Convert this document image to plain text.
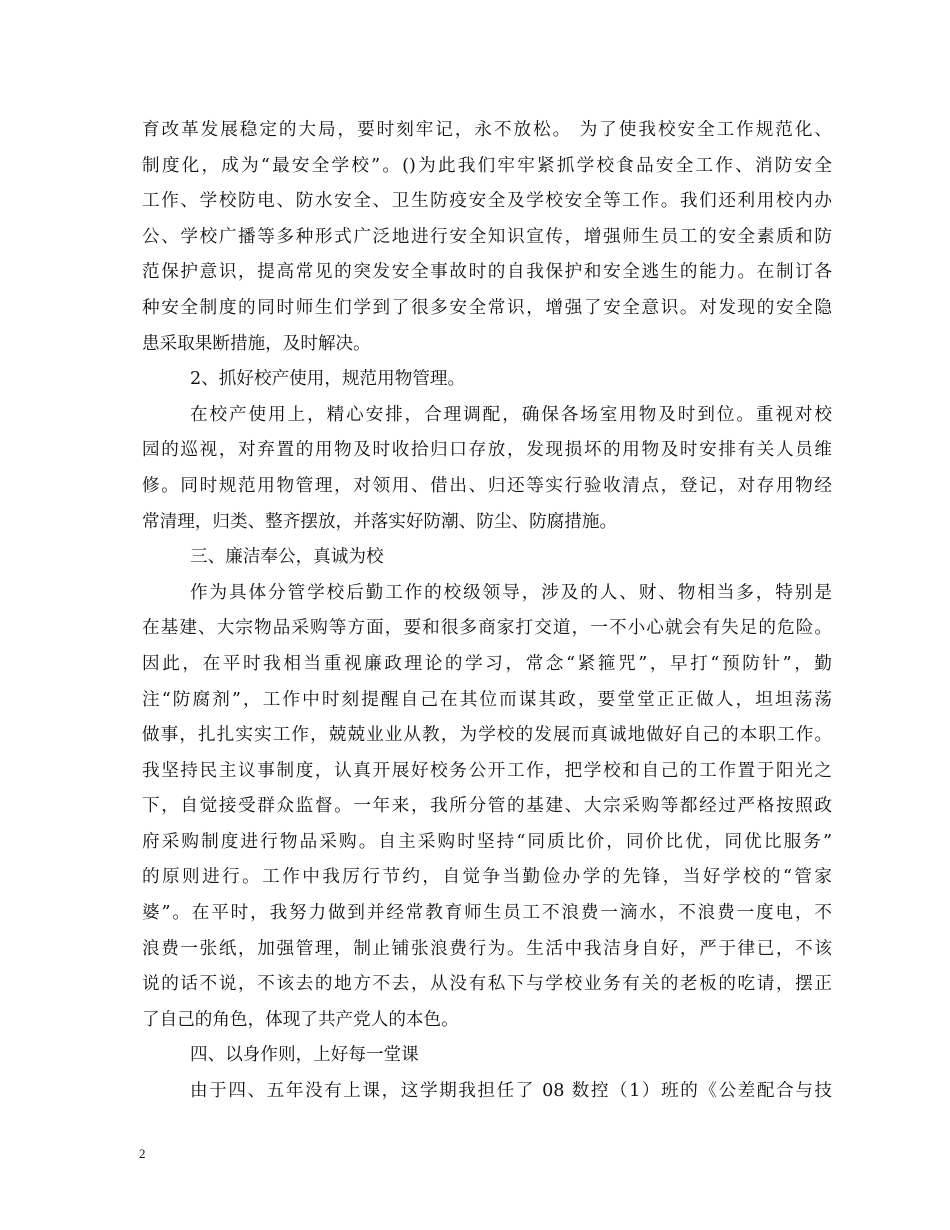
育改革发展稳定的大局，要时刻牢记，永不放松。 为了使我校安全工作规范化、
制度化，成为“最安全学校”。()为此我们牢牢紧抓学校食品安全工作、消防安全
工作、学校防电、防水安全、卫生防疫安全及学校安全等工作。我们还利用校内办
公、学校广播等多种形式广泛地进行安全知识宣传，增强师生员工的安全素质和防
范保护意识，提高常见的突发安全事故时的自我保护和安全逃生的能力。在制订各
种安全制度的同时师生们学到了很多安全常识，增强了安全意识。对发现的安全隐
患采取果断措施，及时解决。
2、抓好校产使用，规范用物管理。
在校产使用上，精心安排，合理调配，确保各场室用物及时到位。重视对校
园的巡视，对弃置的用物及时收拾归口存放，发现损坏的用物及时安排有关人员维
修。同时规范用物管理，对领用、借出、归还等实行验收清点，登记，对存用物经
常清理，归类、整齐摆放，并落实好防潮、防尘、防腐措施。
三、廉洁奉公，真诚为校
作为具体分管学校后勤工作的校级领导，涉及的人、财、物相当多，特别是
在基建、大宗物品采购等方面，要和很多商家打交道，一不小心就会有失足的危险。
因此，在平时我相当重视廉政理论的学习，常念“紧箍咒”，早打“预防针”，勤
注“防腐剂”，工作中时刻提醒自己在其位而谋其政，要堂堂正正做人，坦坦荡荡
做事，扎扎实实工作，兢兢业业从教，为学校的发展而真诚地做好自己的本职工作。
我坚持民主议事制度，认真开展好校务公开工作，把学校和自己的工作置于阳光之
下，自觉接受群众监督。一年来，我所分管的基建、大宗采购等都经过严格按照政
府采购制度进行物品采购。自主采购时坚持“同质比价，同价比优，同优比服务”
的原则进行。工作中我厉行节约，自觉争当勤俭办学的先锋，当好学校的“管家
婆”。在平时，我努力做到并经常教育师生员工不浪费一滴水，不浪费一度电，不
浪费一张纸，加强管理，制止铺张浪费行为。生活中我洁身自好，严于律已，不该
说的话不说，不该去的地方不去，从没有私下与学校业务有关的老板的吃请，摆正
了自己的角色，体现了共产党人的本色。
四、以身作则，上好每一堂课
由于四、五年没有上课，这学期我担任了 08 数控（1）班的《公差配合与技
2
